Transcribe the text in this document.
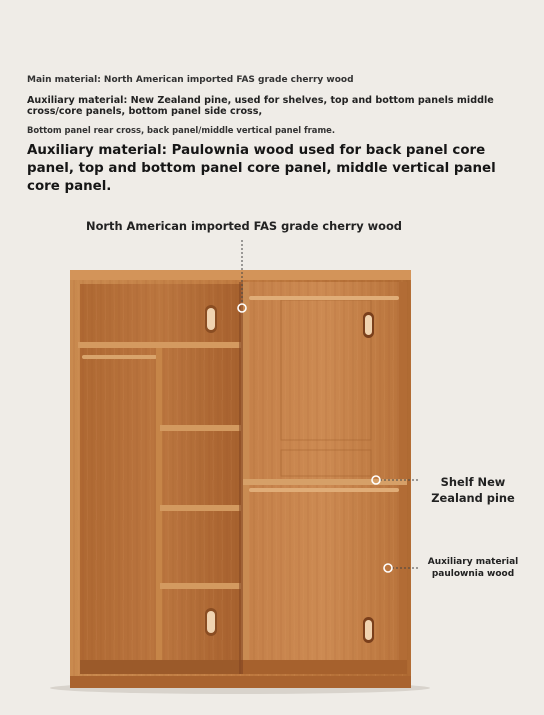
Main material: North American imported FAS grade cherry wood

Auxiliary material: New Zealand pine, used for shelves, top and bottom panels middle cross/core panels, bottom panel side cross,

Bottom panel rear cross, back panel/middle vertical panel frame.

Auxiliary material: Paulownia wood used for back panel core panel, top and bottom panel core panel, middle vertical panel core panel.

North American imported FAS grade cherry wood

Shelf New
Zealand pine
Auxiliary material
paulownia wood
